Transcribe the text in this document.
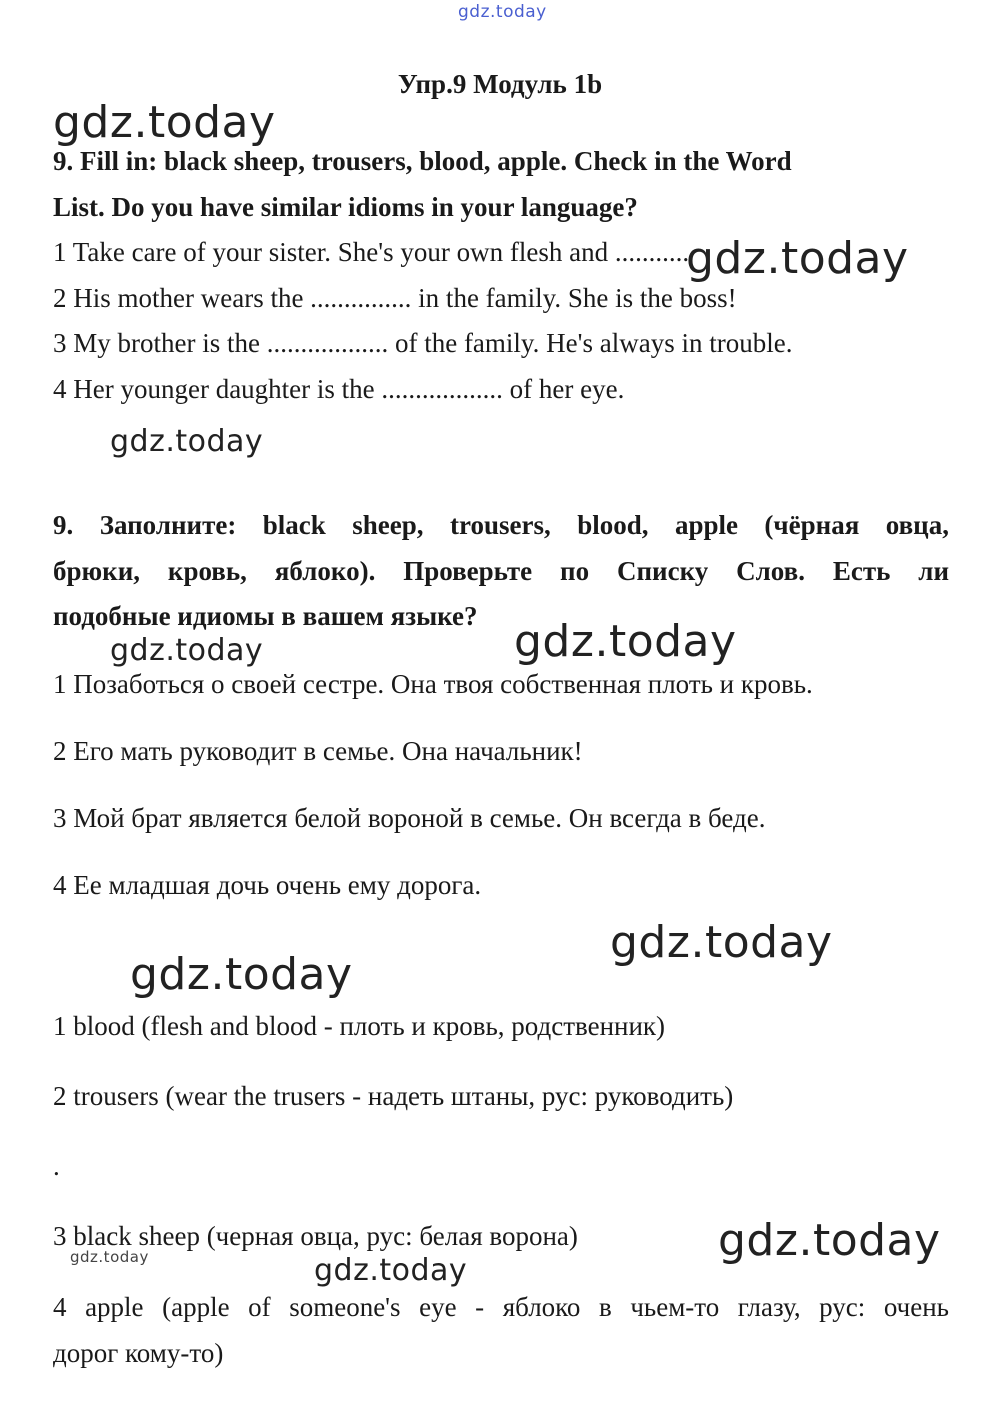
gdz.today
gdz.today
gdz.today
gdz.today
gdz.today
gdz.today
gdz.today
gdz.today
gdz.today
gdz.today	gdz.today
Упр.9 Модуль 1b
9. Fill in: black sheep, trousers, blood, apple. Check in the Word
List. Do you have similar idioms in your language?
1 Take care of your sister. She's your own flesh and ...........
2 His mother wears the ............... in the family. She is the boss!
3 My brother is the .................. of the family. He's always in trouble.
4 Her younger daughter is the .................. of her eye.
9. Заполните: black sheep, trousers, blood, apple (чёрная овца,
брюки, кровь, яблоко). Проверьте по Списку Слов. Есть ли
подобные идиомы в вашем языке?
1 Позаботься о своей сестре. Она твоя собственная плоть и кровь.
2 Его мать руководит в семье. Она начальник!
3 Мой брат является белой вороной в семье. Он всегда в беде.
4 Ее младшая дочь очень ему дорога.
1 blood (flesh and blood - плоть и кровь, родственник)
2 trousers (wear the trusers - надеть штаны, рус: руководить)
.
3 black sheep (черная овца, рус: белая ворона)
4 apple (apple of someone's eye - яблоко в чьем-то глазу, рус: очень
дорог кому-то)
